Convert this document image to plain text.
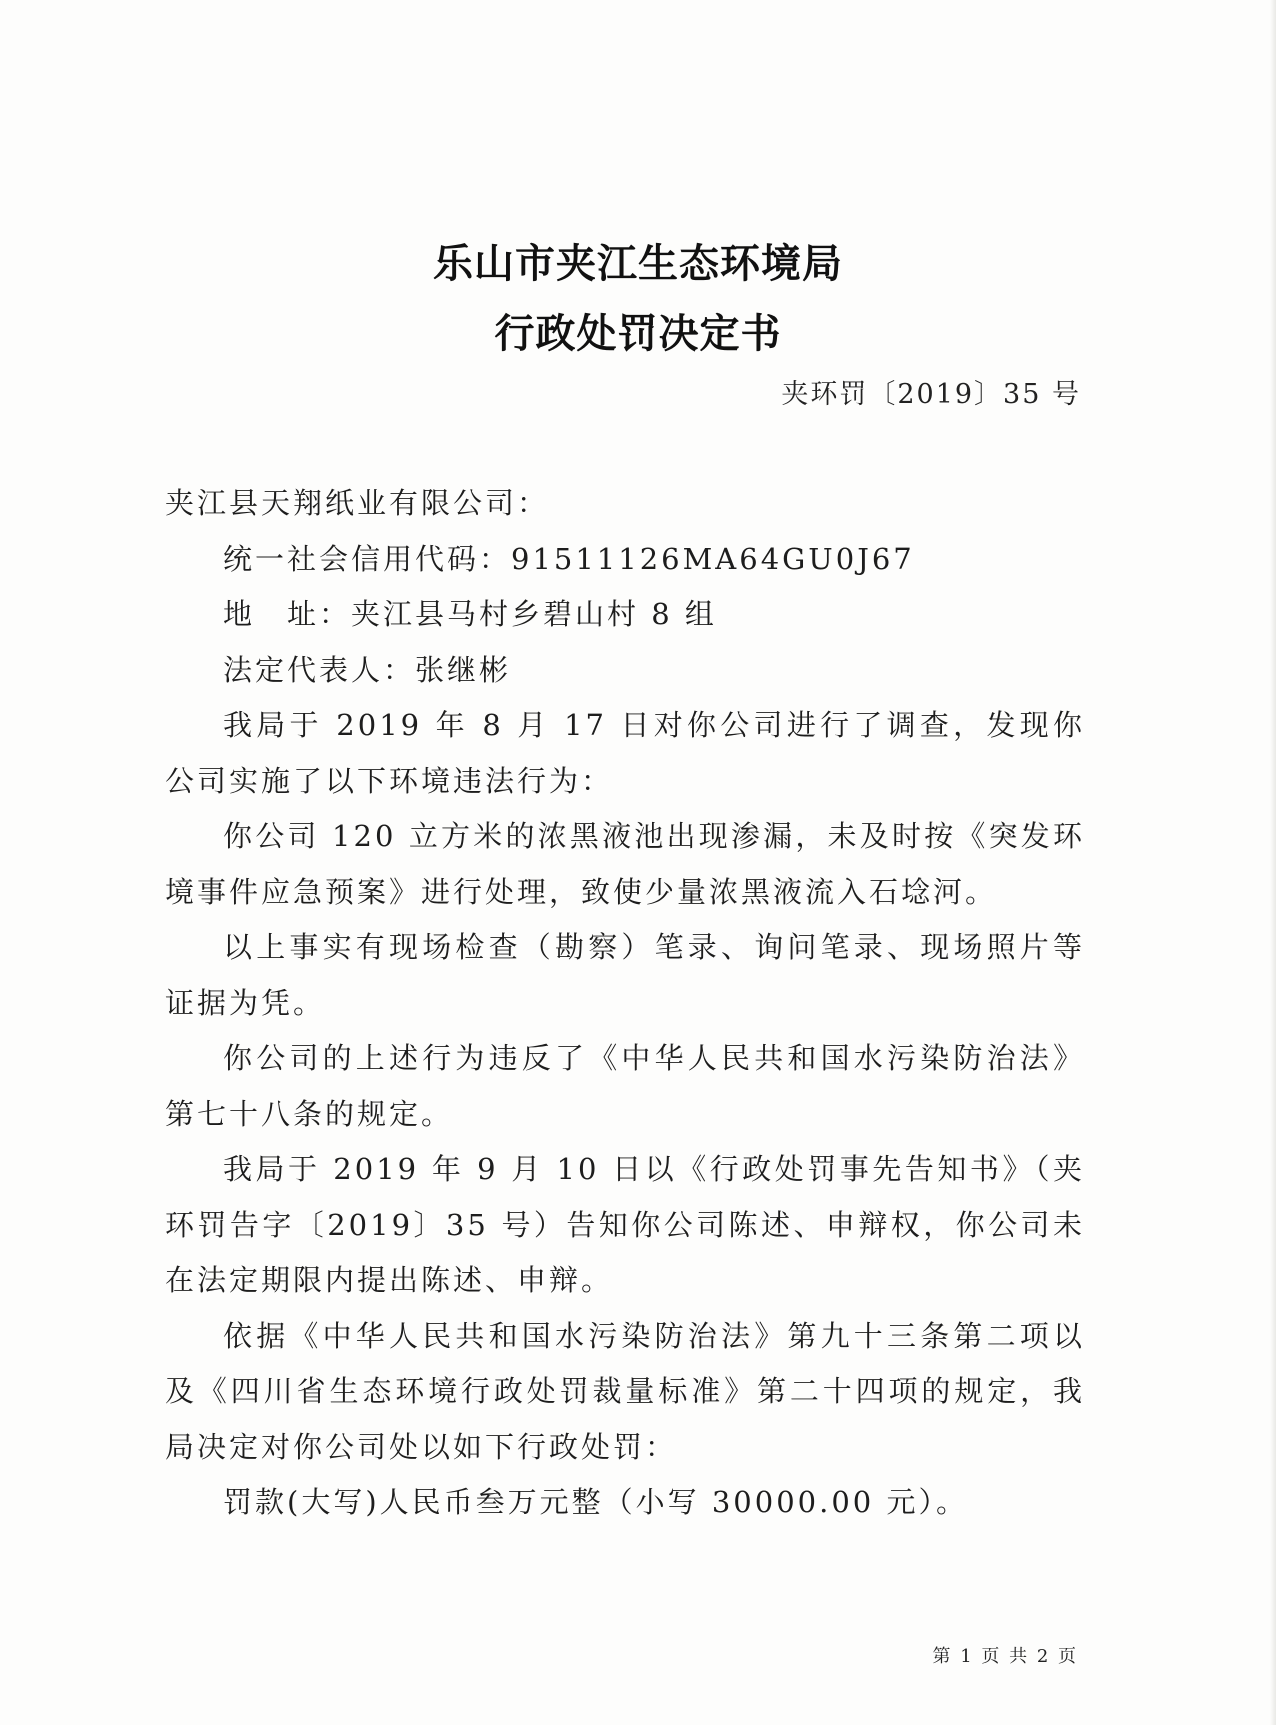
乐山市夹江生态环境局
行政处罚决定书
夹环罚〔2019〕35 号

夹江县天翔纸业有限公司：

统一社会信用代码：91511126MA64GU0J67

地　址：夹江县马村乡碧山村 8 组

法定代表人：张继彬

我局于 2019 年 8 月 17 日对你公司进行了调查，发现你公司实施了以下环境违法行为：

你公司 120 立方米的浓黑液池出现渗漏，未及时按《突发环境事件应急预案》进行处理，致使少量浓黑液流入石埝河。

以上事实有现场检查（勘察）笔录、询问笔录、现场照片等证据为凭。

你公司的上述行为违反了《中华人民共和国水污染防治法》第七十八条的规定。

我局于 2019 年 9 月 10 日以《行政处罚事先告知书》（夹环罚告字〔2019〕35 号）告知你公司陈述、申辩权，你公司未在法定期限内提出陈述、申辩。

依据《中华人民共和国水污染防治法》第九十三条第二项以及《四川省生态环境行政处罚裁量标准》第二十四项的规定，我局决定对你公司处以如下行政处罚：

罚款(大写)人民币叁万元整（小写 30000.00 元）。

第 1 页 共 2 页
